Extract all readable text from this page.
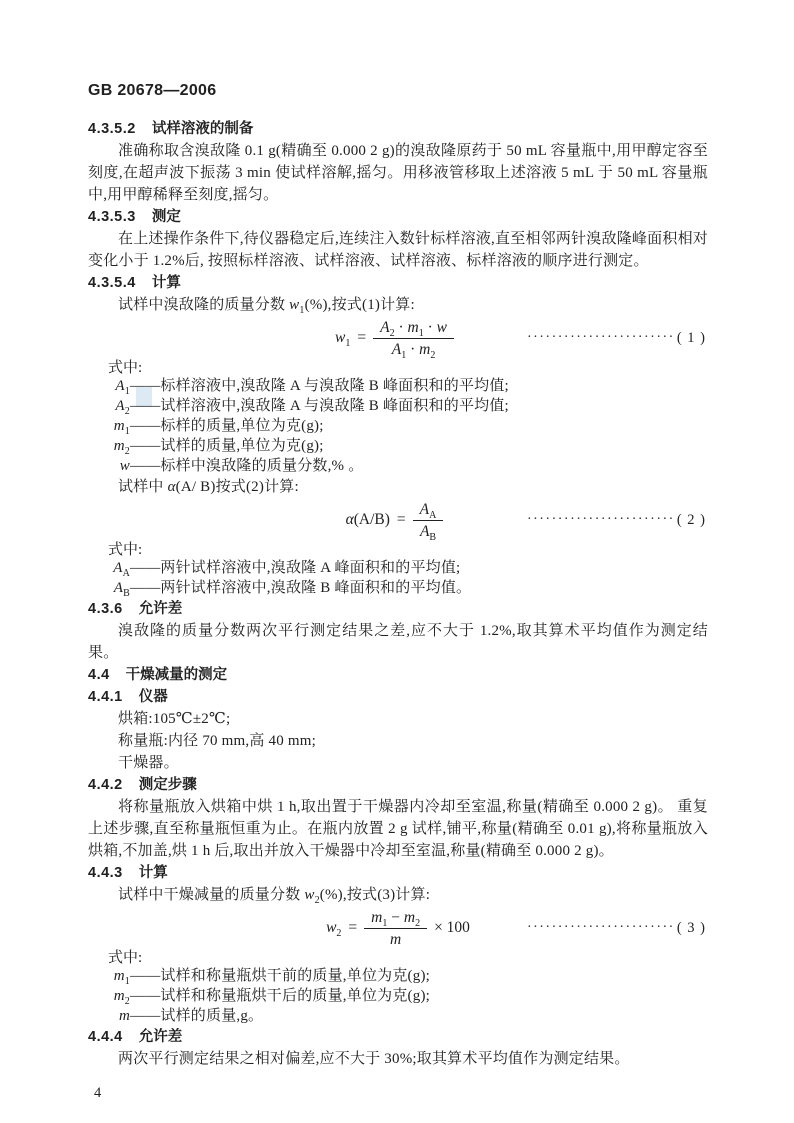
GB 20678—2006
4.3.5.2 试样溶液的制备
准确称取含溴敌隆 0.1 g(精确至 0.000 2 g)的溴敌隆原药于 50 mL 容量瓶中,用甲醇定容至刻度,在超声波下振荡 3 min 使试样溶解,摇匀。用移液管移取上述溶液 5 mL 于 50 mL 容量瓶中,用甲醇稀释至刻度,摇匀。
4.3.5.3 测定
在上述操作条件下,待仪器稳定后,连续注入数针标样溶液,直至相邻两针溴敌隆峰面积相对变化小于 1.2%后, 按照标样溶液、试样溶液、试样溶液、标样溶液的顺序进行测定。
4.3.5.4 计算
试样中溴敌隆的质量分数 $w_1(\%)$,按式(1)计算:
$w_1 = \frac{A_2 \cdot m_1 \cdot w}{A_1 \cdot m_2}$	························ ( 1 )
式中:
$A_1$ ——标样溶液中,溴敌隆 A 与溴敌隆 B 峰面积和的平均值;
$A_2$ ——试样溶液中,溴敌隆 A 与溴敌隆 B 峰面积和的平均值;
$m_1$ ——标样的质量,单位为克(g);
$m_2$ ——试样的质量,单位为克(g);
w ——标样中溴敌隆的质量分数,% 。
试样中 α(A/ B)按式(2)计算:
$\alpha(A/B) = \frac{A_A}{A_B}$	························ ( 2 )
式中:
$A_A$ ——两针试样溶液中,溴敌隆 A 峰面积和的平均值;
$A_B$ ——两针试样溶液中,溴敌隆 B 峰面积和的平均值。
4.3.6 允许差
溴敌隆的质量分数两次平行测定结果之差,应不大于 1.2%,取其算术平均值作为测定结果。
4.4 干燥减量的测定
4.4.1 仪器
烘箱:105℃±2℃;
称量瓶:内径 70 mm,高 40 mm;
干燥器。
4.4.2 测定步骤
将称量瓶放入烘箱中烘 1 h,取出置于干燥器内冷却至室温,称量(精确至 0.000 2 g)。 重复上述步骤,直至称量瓶恒重为止。在瓶内放置 2 g 试样,铺平,称量(精确至 0.01 g),将称量瓶放入烘箱,不加盖,烘 1 h 后,取出并放入干燥器中冷却至室温,称量(精确至 0.000 2 g)。
4.4.3 计算
试样中干燥减量的质量分数 $w_2(\%)$,按式(3)计算:
$w_2 = \frac{m_1 - m_2}{m} \times 100$	························ ( 3 )
式中:
$m_1$ ——试样和称量瓶烘干前的质量,单位为克(g);
$m_2$ ——试样和称量瓶烘干后的质量,单位为克(g);
m ——试样的质量,g。
4.4.4 允许差
两次平行测定结果之相对偏差,应不大于 30%;取其算术平均值作为测定结果。
4
